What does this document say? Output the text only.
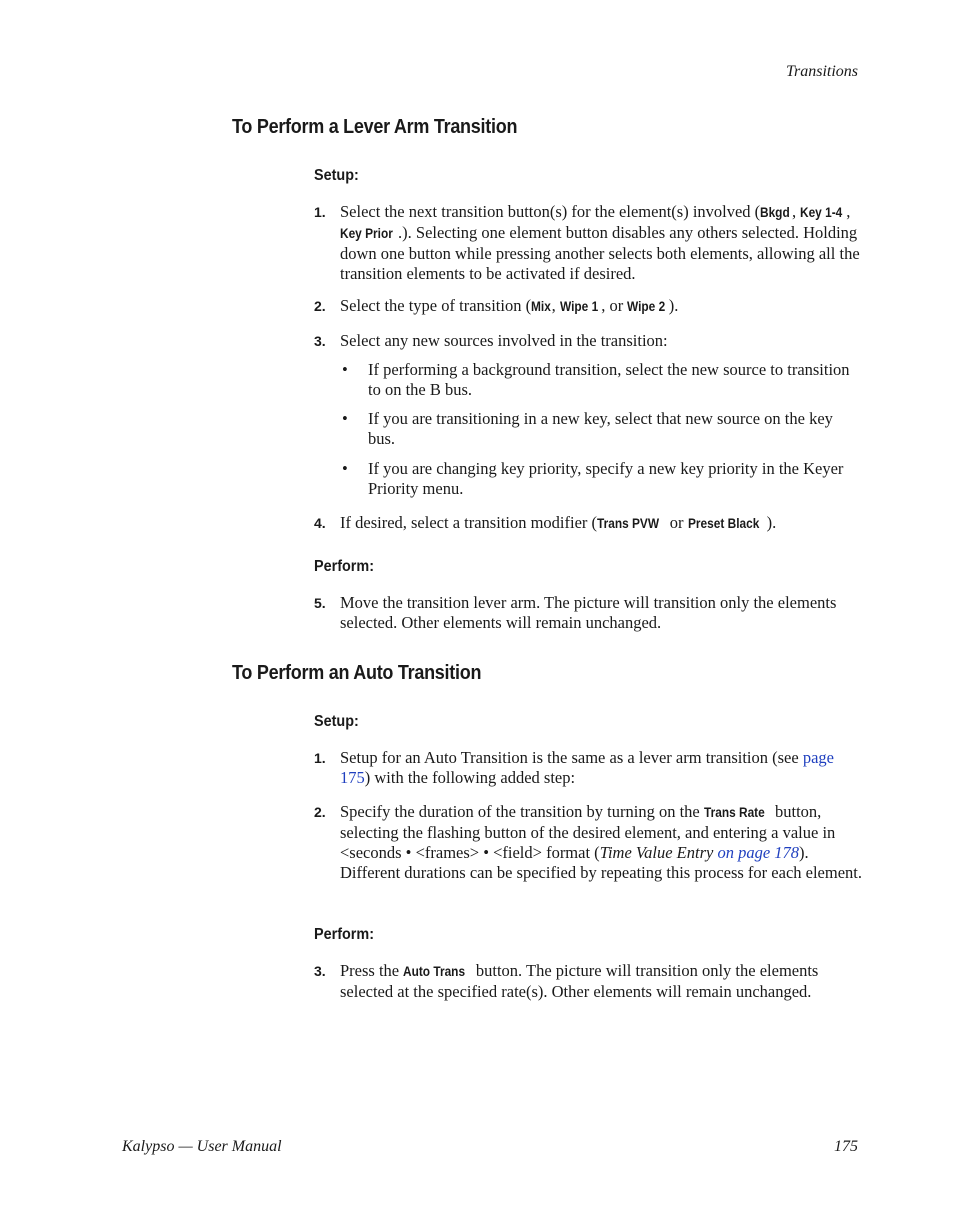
Transitions
To Perform a Lever Arm Transition
Setup:
1. Select the next transition button(s) for the element(s) involved (Bkgd , Key 1-4 , Key Prior .). Selecting one element button disables any others selected. Holding down one button while pressing another selects both elements, allowing all the transition elements to be activated if desired.
2. Select the type of transition (Mix, Wipe 1 , or Wipe 2 ).
3. Select any new sources involved in the transition:
• If performing a background transition, select the new source to transition to on the B bus.
• If you are transitioning in a new key, select that new source on the key bus.
• If you are changing key priority, specify a new key priority in the Keyer Priority menu.
4. If desired, select a transition modifier (Trans PVW or Preset Black ).
Perform:
5. Move the transition lever arm. The picture will transition only the elements selected. Other elements will remain unchanged.
To Perform an Auto Transition
Setup:
1. Setup for an Auto Transition is the same as a lever arm transition (see page 175) with the following added step:
2. Specify the duration of the transition by turning on the Trans Rate button, selecting the flashing button of the desired element, and entering a value in <seconds • <frames> • <field> format (Time Value Entry on page 178). Different durations can be specified by repeating this process for each element.
Perform:
3. Press the Auto Trans button. The picture will transition only the elements selected at the specified rate(s). Other elements will remain unchanged.
Kalypso — User Manual	175
